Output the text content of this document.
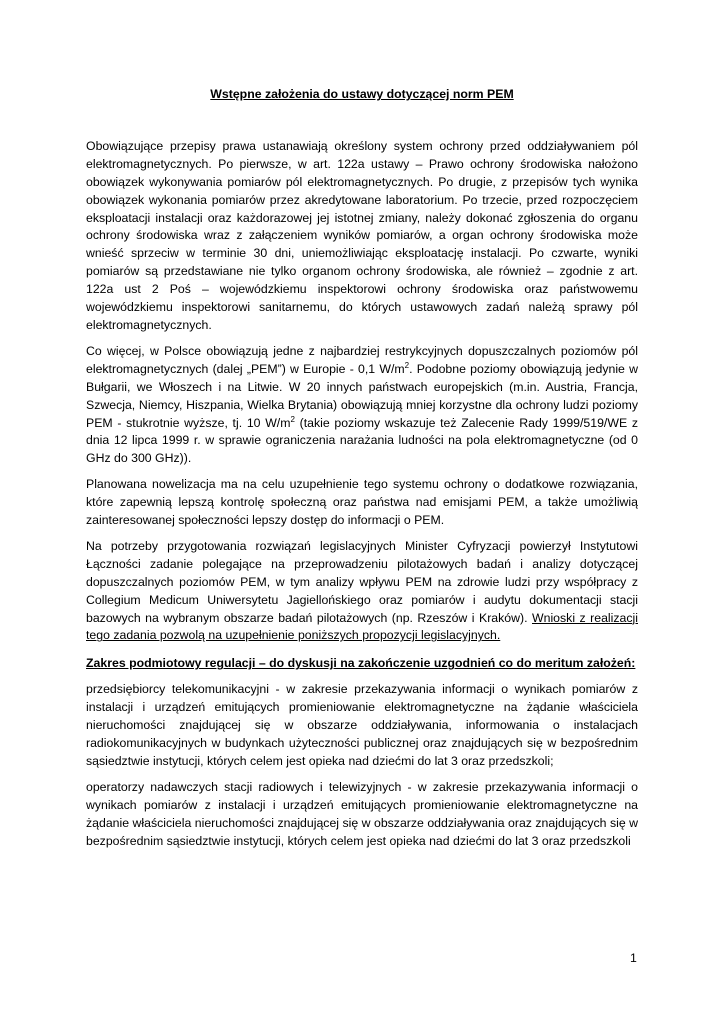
Wstępne założenia do ustawy dotyczącej norm PEM

Obowiązujące przepisy prawa ustanawiają określony system ochrony przed oddziaływaniem pól elektromagnetycznych. Po pierwsze, w art. 122a ustawy – Prawo ochrony środowiska nałożono obowiązek wykonywania pomiarów pól elektromagnetycznych. Po drugie, z przepisów tych wynika obowiązek wykonania pomiarów przez akredytowane laboratorium. Po trzecie, przed rozpoczęciem eksploatacji instalacji oraz każdorazowej jej istotnej zmiany, należy dokonać zgłoszenia do organu ochrony środowiska wraz z załączeniem wyników pomiarów, a organ ochrony środowiska może wnieść sprzeciw w terminie 30 dni, uniemożliwiając eksploatację instalacji. Po czwarte, wyniki pomiarów są przedstawiane nie tylko organom ochrony środowiska, ale również – zgodnie z art. 122a ust 2 Poś – wojewódzkiemu inspektorowi ochrony środowiska oraz państwowemu wojewódzkiemu inspektorowi sanitarnemu, do których ustawowych zadań należą sprawy pól elektromagnetycznych.

Co więcej, w Polsce obowiązują jedne z najbardziej restrykcyjnych dopuszczalnych poziomów pól elektromagnetycznych (dalej „PEM”) w Europie - 0,1 $W/m^2$. Podobne poziomy obowiązują jedynie w Bułgarii, we Włoszech i na Litwie. W 20 innych państwach europejskich (m.in. Austria, Francja, Szwecja, Niemcy, Hiszpania, Wielka Brytania) obowiązują mniej korzystne dla ochrony ludzi poziomy PEM - stukrotnie wyższe, tj. 10 $W/m^2$ (takie poziomy wskazuje też Zalecenie Rady 1999/519/WE z dnia 12 lipca 1999 r. w sprawie ograniczenia narażania ludności na pola elektromagnetyczne (od 0 GHz do 300 GHz)).

Planowana nowelizacja ma na celu uzupełnienie tego systemu ochrony o dodatkowe rozwiązania, które zapewnią lepszą kontrolę społeczną oraz państwa nad emisjami PEM, a także umożliwią zainteresowanej społeczności lepszy dostęp do informacji o PEM.

Na potrzeby przygotowania rozwiązań legislacyjnych Minister Cyfryzacji powierzył Instytutowi Łączności zadanie polegające na przeprowadzeniu pilotażowych badań i analizy dotyczącej dopuszczalnych poziomów PEM, w tym analizy wpływu PEM na zdrowie ludzi przy współpracy z Collegium Medicum Uniwersytetu Jagiellońskiego oraz pomiarów i audytu dokumentacji stacji bazowych na wybranym obszarze badań pilotażowych (np. Rzeszów i Kraków). Wnioski z realizacji tego zadania pozwolą na uzupełnienie poniższych propozycji legislacyjnych.

Zakres podmiotowy regulacji – do dyskusji na zakończenie uzgodnień co do meritum założeń:

przedsiębiorcy telekomunikacyjni - w zakresie przekazywania informacji o wynikach pomiarów z instalacji i urządzeń emitujących promieniowanie elektromagnetyczne na żądanie właściciela nieruchomości znajdującej się w obszarze oddziaływania, informowania o instalacjach radiokomunikacyjnych w budynkach użyteczności publicznej oraz znajdujących się w bezpośrednim sąsiedztwie instytucji, których celem jest opieka nad dziećmi do lat 3 oraz przedszkoli;

operatorzy nadawczych stacji radiowych i telewizyjnych - w zakresie przekazywania informacji o wynikach pomiarów z instalacji i urządzeń emitujących promieniowanie elektromagnetyczne na żądanie właściciela nieruchomości znajdującej się w obszarze oddziaływania oraz znajdujących się w bezpośrednim sąsiedztwie instytucji, których celem jest opieka nad dziećmi do lat 3 oraz przedszkoli

1
